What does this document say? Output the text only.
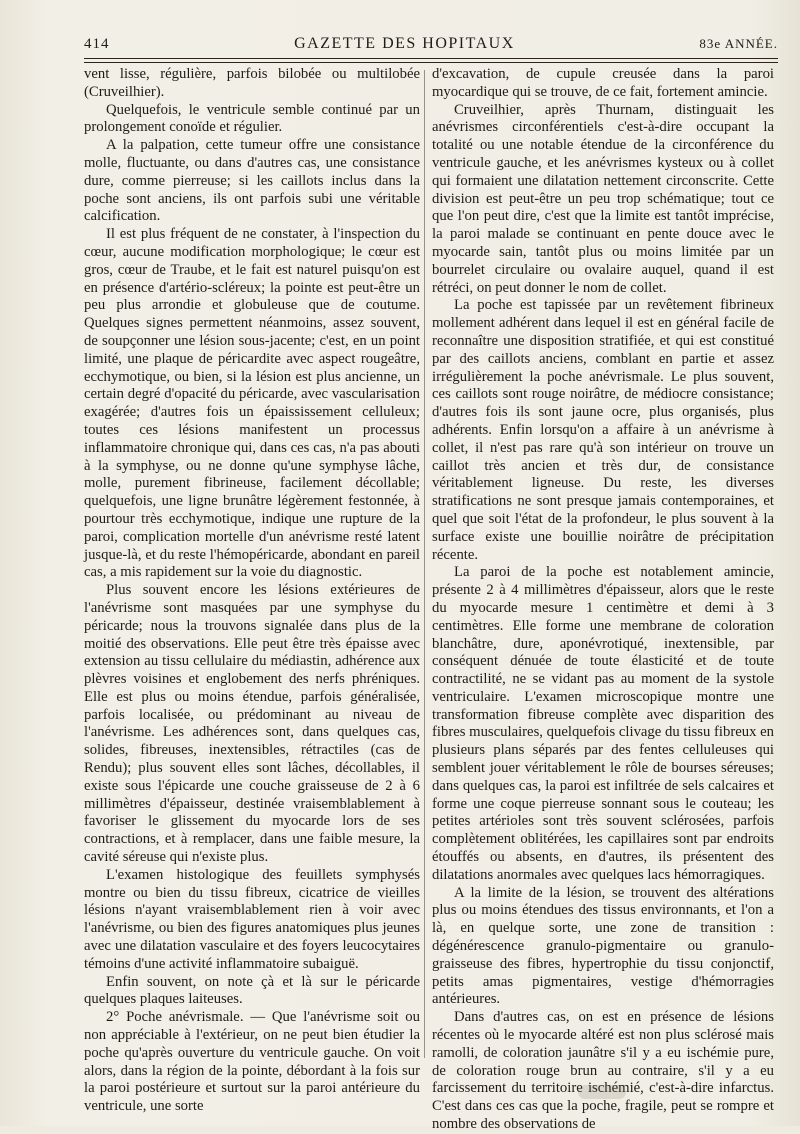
414	GAZETTE DES HOPITAUX	83e ANNÉE.

vent lisse, régulière, parfois bilobée ou multilobée (Cruveilhier).

Quelquefois, le ventricule semble continué par un prolongement conoïde et régulier.

A la palpation, cette tumeur offre une consistance molle, fluctuante, ou dans d'autres cas, une consistance dure, comme pierreuse; si les caillots inclus dans la poche sont anciens, ils ont parfois subi une véritable calcification.

Il est plus fréquent de ne constater, à l'inspection du cœur, aucune modification morphologique; le cœur est gros, cœur de Traube, et le fait est naturel puisqu'on est en présence d'artério-scléreux; la pointe est peut-être un peu plus arrondie et globuleuse que de coutume. Quelques signes permettent néanmoins, assez souvent, de soupçonner une lésion sous-jacente; c'est, en un point limité, une plaque de péricardite avec aspect rougeâtre, ecchymotique, ou bien, si la lésion est plus ancienne, un certain degré d'opacité du péricarde, avec vascularisation exagérée; d'autres fois un épaississement celluleux; toutes ces lésions manifestent un processus inflammatoire chronique qui, dans ces cas, n'a pas abouti à la symphyse, ou ne donne qu'une symphyse lâche, molle, purement fibrineuse, facilement décollable; quelquefois, une ligne brunâtre légèrement festonnée, à pourtour très ecchymotique, indique une rupture de la paroi, complication mortelle d'un anévrisme resté latent jusque-là, et du reste l'hémopéricarde, abondant en pareil cas, a mis rapidement sur la voie du diagnostic.

Plus souvent encore les lésions extérieures de l'anévrisme sont masquées par une symphyse du péricarde; nous la trouvons signalée dans plus de la moitié des observations. Elle peut être très épaisse avec extension au tissu cellulaire du médiastin, adhérence aux plèvres voisines et englobement des nerfs phréniques. Elle est plus ou moins étendue, parfois généralisée, parfois localisée, ou prédominant au niveau de l'anévrisme. Les adhérences sont, dans quelques cas, solides, fibreuses, inextensibles, rétractiles (cas de Rendu); plus souvent elles sont lâches, décollables, il existe sous l'épicarde une couche graisseuse de 2 à 6 millimètres d'épaisseur, destinée vraisemblablement à favoriser le glissement du myocarde lors de ses contractions, et à remplacer, dans une faible mesure, la cavité séreuse qui n'existe plus.

L'examen histologique des feuillets symphysés montre ou bien du tissu fibreux, cicatrice de vieilles lésions n'ayant vraisemblablement rien à voir avec l'anévrisme, ou bien des figures anatomiques plus jeunes avec une dilatation vasculaire et des foyers leucocytaires témoins d'une activité inflammatoire subaiguë.

Enfin souvent, on note çà et là sur le péricarde quelques plaques laiteuses.

2° Poche anévrismale. — Que l'anévrisme soit ou non appréciable à l'extérieur, on ne peut bien étudier la poche qu'après ouverture du ventricule gauche. On voit alors, dans la région de la pointe, débordant à la fois sur la paroi postérieure et surtout sur la paroi antérieure du ventricule, une sorte

d'excavation, de cupule creusée dans la paroi myocardique qui se trouve, de ce fait, fortement amincie.

Cruveilhier, après Thurnam, distinguait les anévrismes circonférentiels c'est-à-dire occupant la totalité ou une notable étendue de la circonférence du ventricule gauche, et les anévrismes kysteux ou à collet qui formaient une dilatation nettement circonscrite. Cette division est peut-être un peu trop schématique; tout ce que l'on peut dire, c'est que la limite est tantôt imprécise, la paroi malade se continuant en pente douce avec le myocarde sain, tantôt plus ou moins limitée par un bourrelet circulaire ou ovalaire auquel, quand il est rétréci, on peut donner le nom de collet.

La poche est tapissée par un revêtement fibrineux mollement adhérent dans lequel il est en général facile de reconnaître une disposition stratifiée, et qui est constitué par des caillots anciens, comblant en partie et assez irrégulièrement la poche anévrismale. Le plus souvent, ces caillots sont rouge noirâtre, de médiocre consistance; d'autres fois ils sont jaune ocre, plus organisés, plus adhérents. Enfin lorsqu'on a affaire à un anévrisme à collet, il n'est pas rare qu'à son intérieur on trouve un caillot très ancien et très dur, de consistance véritablement ligneuse. Du reste, les diverses stratifications ne sont presque jamais contemporaines, et quel que soit l'état de la profondeur, le plus souvent à la surface existe une bouillie noirâtre de précipitation récente.

La paroi de la poche est notablement amincie, présente 2 à 4 millimètres d'épaisseur, alors que le reste du myocarde mesure 1 centimètre et demi à 3 centimètres. Elle forme une membrane de coloration blanchâtre, dure, aponévrotiqué, inextensible, par conséquent dénuée de toute élasticité et de toute contractilité, ne se vidant pas au moment de la systole ventriculaire. L'examen microscopique montre une transformation fibreuse complète avec disparition des fibres musculaires, quelquefois clivage du tissu fibreux en plusieurs plans séparés par des fentes celluleuses qui semblent jouer véritablement le rôle de bourses séreuses; dans quelques cas, la paroi est infiltrée de sels calcaires et forme une coque pierreuse sonnant sous le couteau; les petites artérioles sont très souvent sclérosées, parfois complètement oblitérées, les capillaires sont par endroits étouffés ou absents, en d'autres, ils présentent des dilatations anormales avec quelques lacs hémorragiques.

A la limite de la lésion, se trouvent des altérations plus ou moins étendues des tissus environnants, et l'on a là, en quelque sorte, une zone de transition : dégénérescence granulo-pigmentaire ou granulo-graisseuse des fibres, hypertrophie du tissu conjonctif, petits amas pigmentaires, vestige d'hémorragies antérieures.

Dans d'autres cas, on est en présence de lésions récentes où le myocarde altéré est non plus sclérosé mais ramolli, de coloration jaunâtre s'il y a eu ischémie pure, de coloration rouge brun au contraire, s'il y a eu farcissement du territoire ischémié, c'est-à-dire infarctus. C'est dans ces cas que la poche, fragile, peut se rompre et nombre des observations de
